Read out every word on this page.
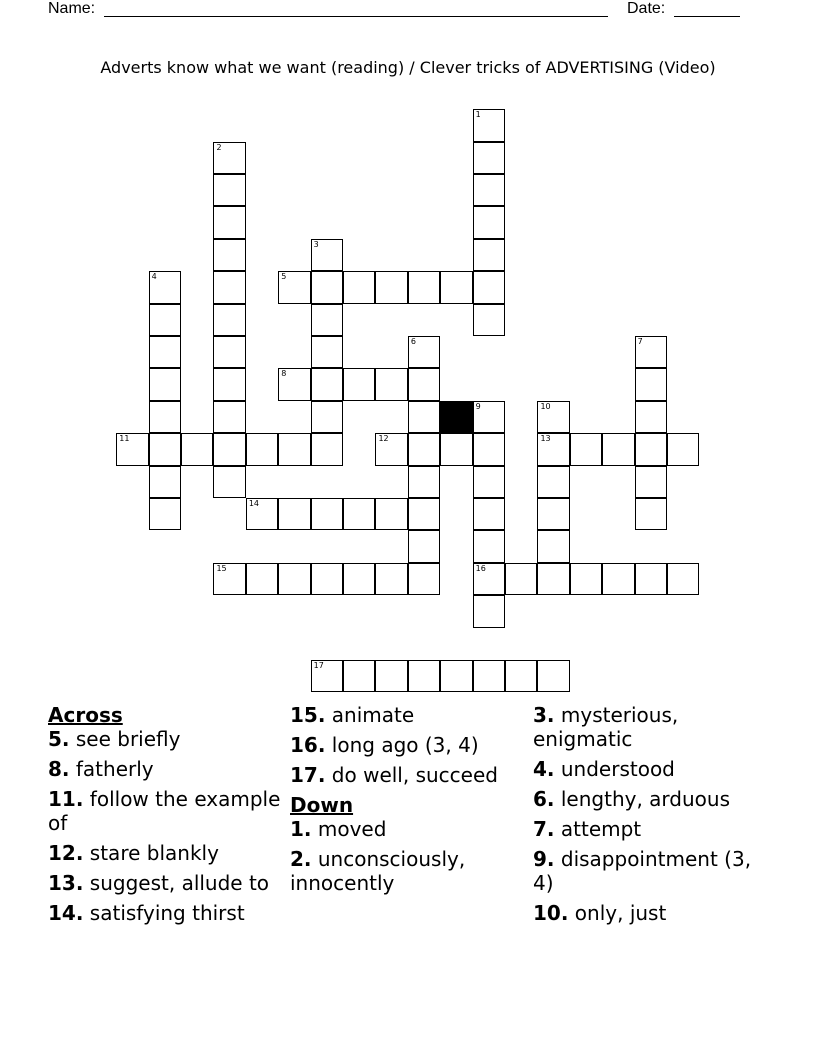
Name:	Date:
Adverts know what we want (reading) / Clever tricks of ADVERTISING (Video)
1
2
3
4	5
6	7
8
9
16
10
13
11	12
14
15
17

Across

5. see briefly

8. fatherly

11. follow the example of

12. stare blankly

13. suggest, allude to

14. satisfying thirst

15. animate

16. long ago (3, 4)

17. do well, succeed

Down

1. moved

2. unconsciously, innocently

3. mysterious, enigmatic

4. understood

6. lengthy, arduous

7. attempt

9. disappointment (3, 4)

10. only, just
